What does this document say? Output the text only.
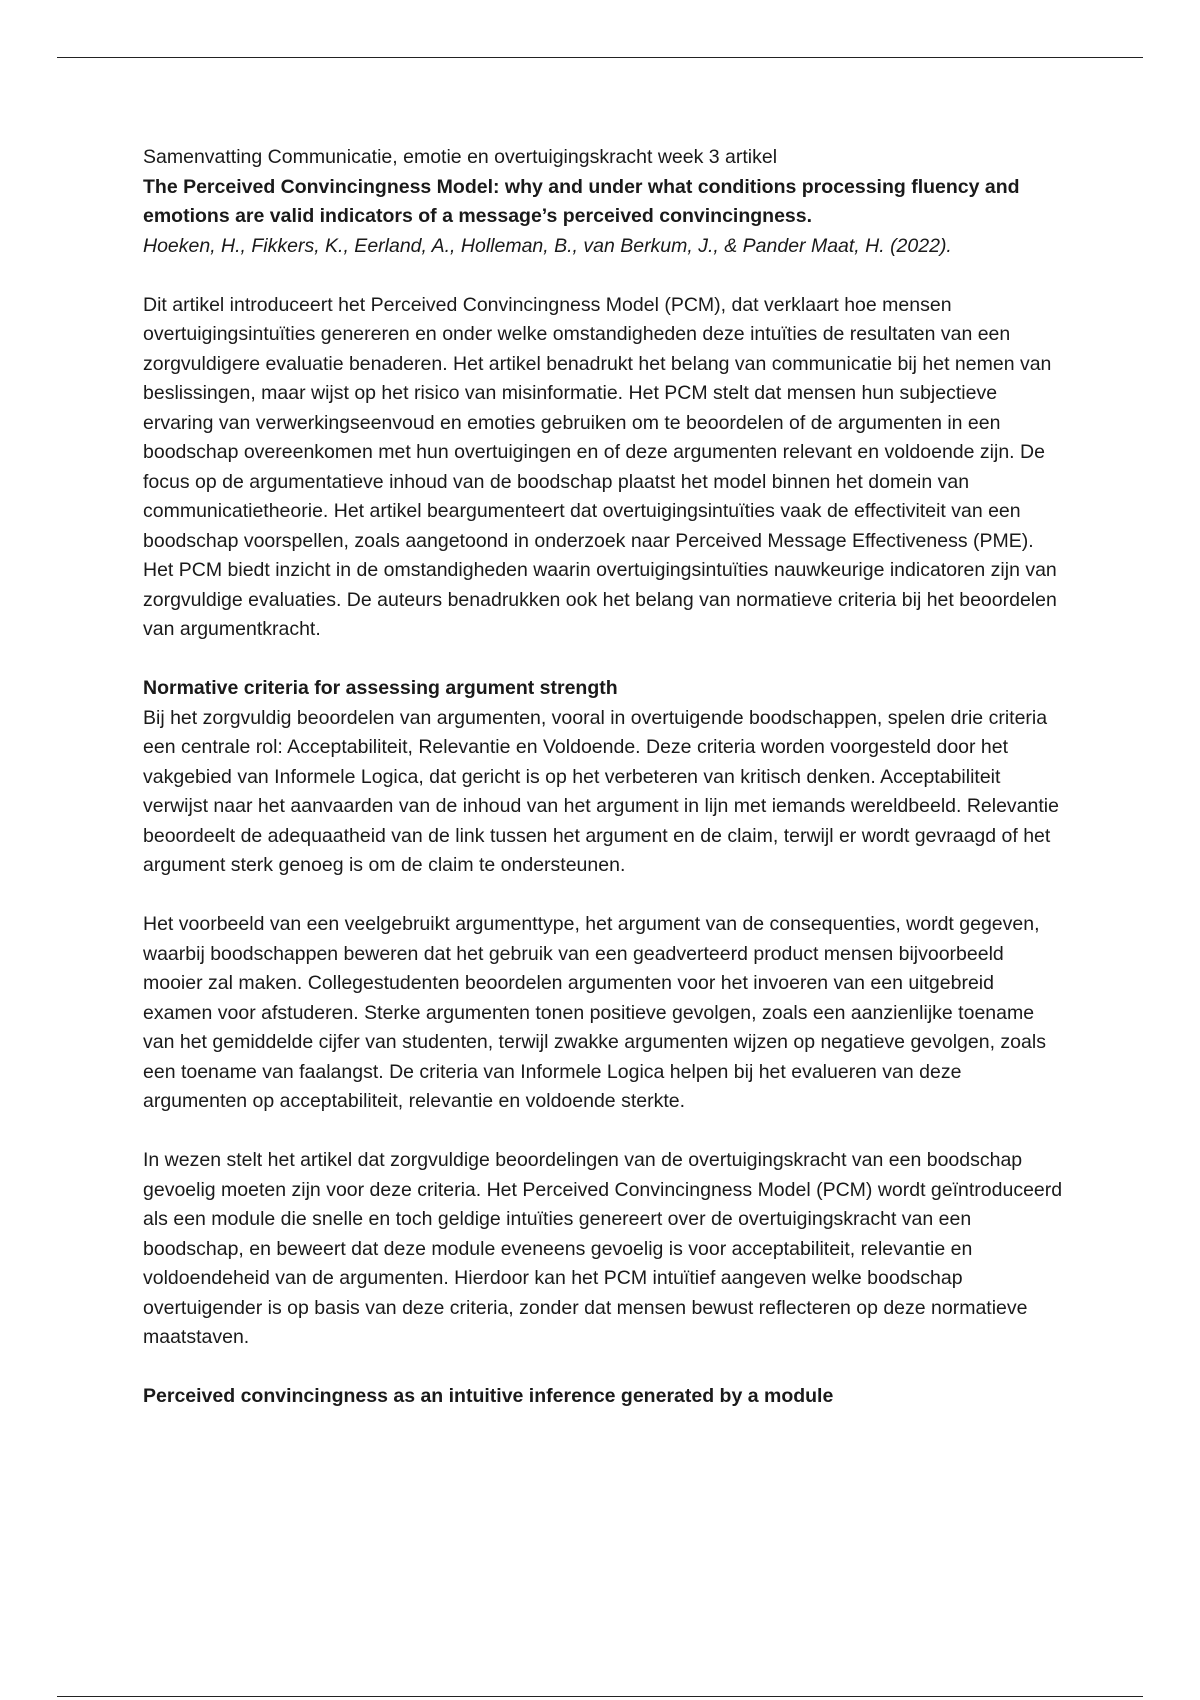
Samenvatting Communicatie, emotie en overtuigingskracht week 3 artikel

The Perceived Convincingness Model: why and under what conditions processing fluency and emotions are valid indicators of a message’s perceived convincingness.

Hoeken, H., Fikkers, K., Eerland, A., Holleman, B., van Berkum, J., & Pander Maat, H. (2022).

Dit artikel introduceert het Perceived Convincingness Model (PCM), dat verklaart hoe mensen overtuigingsintuïties genereren en onder welke omstandigheden deze intuïties de resultaten van een zorgvuldigere evaluatie benaderen. Het artikel benadrukt het belang van communicatie bij het nemen van beslissingen, maar wijst op het risico van misinformatie. Het PCM stelt dat mensen hun subjectieve ervaring van verwerkingseenvoud en emoties gebruiken om te beoordelen of de argumenten in een boodschap overeenkomen met hun overtuigingen en of deze argumenten relevant en voldoende zijn. De focus op de argumentatieve inhoud van de boodschap plaatst het model binnen het domein van communicatietheorie. Het artikel beargumenteert dat overtuigingsintuïties vaak de effectiviteit van een boodschap voorspellen, zoals aangetoond in onderzoek naar Perceived Message Effectiveness (PME). Het PCM biedt inzicht in de omstandigheden waarin overtuigingsintuïties nauwkeurige indicatoren zijn van zorgvuldige evaluaties. De auteurs benadrukken ook het belang van normatieve criteria bij het beoordelen van argumentkracht.

Normative criteria for assessing argument strength

Bij het zorgvuldig beoordelen van argumenten, vooral in overtuigende boodschappen, spelen drie criteria een centrale rol: Acceptabiliteit, Relevantie en Voldoende. Deze criteria worden voorgesteld door het vakgebied van Informele Logica, dat gericht is op het verbeteren van kritisch denken. Acceptabiliteit verwijst naar het aanvaarden van de inhoud van het argument in lijn met iemands wereldbeeld. Relevantie beoordeelt de adequaatheid van de link tussen het argument en de claim, terwijl er wordt gevraagd of het argument sterk genoeg is om de claim te ondersteunen.

Het voorbeeld van een veelgebruikt argumenttype, het argument van de consequenties, wordt gegeven, waarbij boodschappen beweren dat het gebruik van een geadverteerd product mensen bijvoorbeeld mooier zal maken. Collegestudenten beoordelen argumenten voor het invoeren van een uitgebreid examen voor afstuderen. Sterke argumenten tonen positieve gevolgen, zoals een aanzienlijke toename van het gemiddelde cijfer van studenten, terwijl zwakke argumenten wijzen op negatieve gevolgen, zoals een toename van faalangst. De criteria van Informele Logica helpen bij het evalueren van deze argumenten op acceptabiliteit, relevantie en voldoende sterkte.

In wezen stelt het artikel dat zorgvuldige beoordelingen van de overtuigingskracht van een boodschap gevoelig moeten zijn voor deze criteria. Het Perceived Convincingness Model (PCM) wordt geïntroduceerd als een module die snelle en toch geldige intuïties genereert over de overtuigingskracht van een boodschap, en beweert dat deze module eveneens gevoelig is voor acceptabiliteit, relevantie en voldoendeheid van de argumenten. Hierdoor kan het PCM intuïtief aangeven welke boodschap overtuigender is op basis van deze criteria, zonder dat mensen bewust reflecteren op deze normatieve maatstaven.

Perceived convincingness as an intuitive inference generated by a module
